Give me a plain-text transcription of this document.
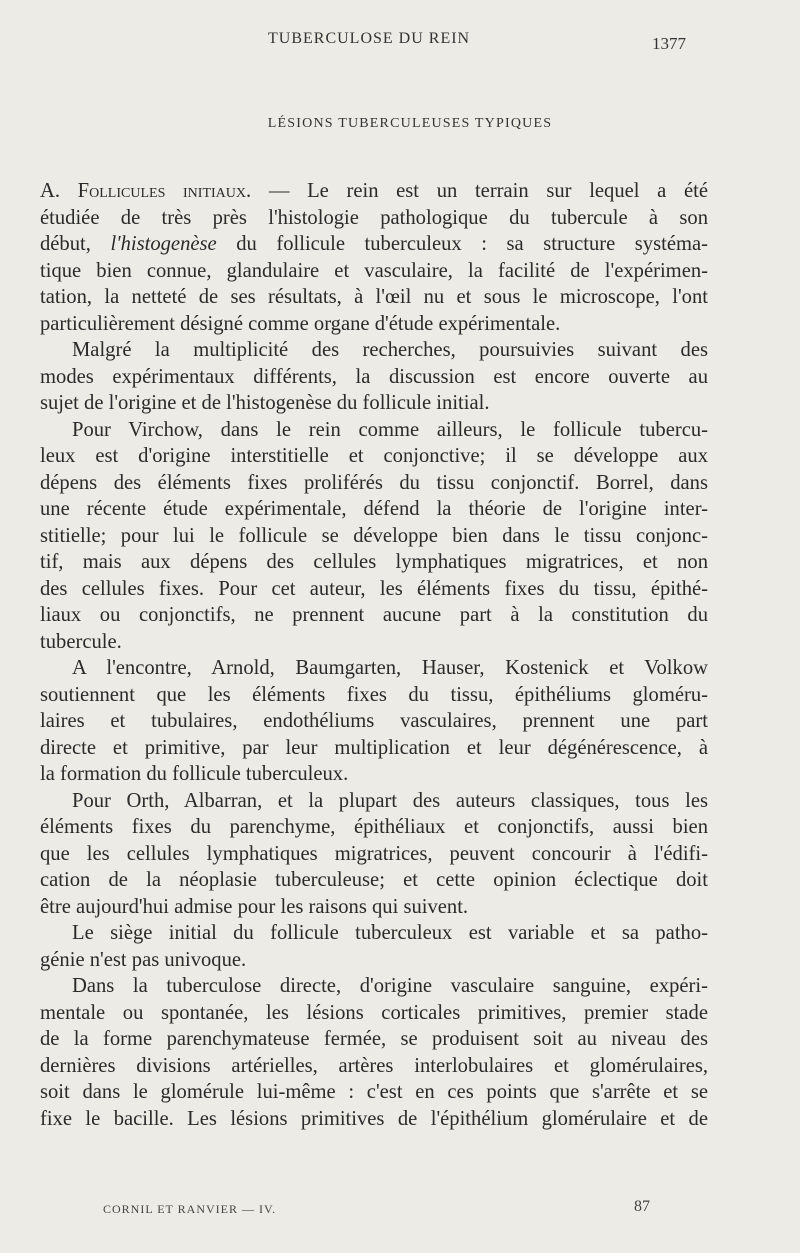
TUBERCULOSE DU REIN	1377
LÉSIONS TUBERCULEUSES TYPIQUES
A. Follicules initiaux. — Le rein est un terrain sur lequel a été
étudiée de très près l'histologie pathologique du tubercule à son
début, l'histogenèse du follicule tuberculeux : sa structure systéma-
tique bien connue, glandulaire et vasculaire, la facilité de l'expérimen-
tation, la netteté de ses résultats, à l'œil nu et sous le microscope, l'ont
particulièrement désigné comme organe d'étude expérimentale.
Malgré la multiplicité des recherches, poursuivies suivant des
modes expérimentaux différents, la discussion est encore ouverte au
sujet de l'origine et de l'histogenèse du follicule initial.
Pour Virchow, dans le rein comme ailleurs, le follicule tubercu-
leux est d'origine interstitielle et conjonctive; il se développe aux
dépens des éléments fixes proliférés du tissu conjonctif. Borrel, dans
une récente étude expérimentale, défend la théorie de l'origine inter-
stitielle; pour lui le follicule se développe bien dans le tissu conjonc-
tif, mais aux dépens des cellules lymphatiques migratrices, et non
des cellules fixes. Pour cet auteur, les éléments fixes du tissu, épithé-
liaux ou conjonctifs, ne prennent aucune part à la constitution du
tubercule.
A l'encontre, Arnold, Baumgarten, Hauser, Kostenick et Volkow
soutiennent que les éléments fixes du tissu, épithéliums gloméru-
laires et tubulaires, endothéliums vasculaires, prennent une part
directe et primitive, par leur multiplication et leur dégénérescence, à
la formation du follicule tuberculeux.
Pour Orth, Albarran, et la plupart des auteurs classiques, tous les
éléments fixes du parenchyme, épithéliaux et conjonctifs, aussi bien
que les cellules lymphatiques migratrices, peuvent concourir à l'édifi-
cation de la néoplasie tuberculeuse; et cette opinion éclectique doit
être aujourd'hui admise pour les raisons qui suivent.
Le siège initial du follicule tuberculeux est variable et sa patho-
génie n'est pas univoque.
Dans la tuberculose directe, d'origine vasculaire sanguine, expéri-
mentale ou spontanée, les lésions corticales primitives, premier stade
de la forme parenchymateuse fermée, se produisent soit au niveau des
dernières divisions artérielles, artères interlobulaires et glomérulaires,
soit dans le glomérule lui-même : c'est en ces points que s'arrête et se
fixe le bacille. Les lésions primitives de l'épithélium glomérulaire et de
CORNIL ET RANVIER — IV.	87
